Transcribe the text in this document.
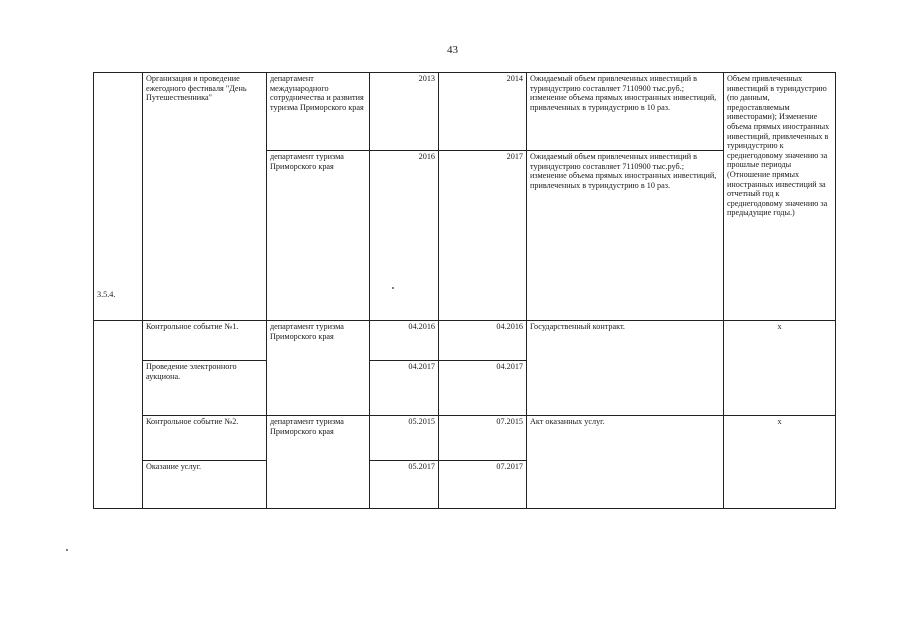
43
3.5.4.	Организация и проведение ежегодного фестиваля "День Путешественника"	департамент международного сотрудничества и развития туризма Приморского края	2013	2014	Ожидаемый объем привлеченных инвестиций в туриндустрию составляет 7110900 тыс.руб.; изменение объема прямых иностранных инвестиций, привлеченных в туриндустрию в 10 раз.	Объем привлеченных инвестиций в туриндустрию (по данным, предоставляемым инвесторами); Изменение объема прямых иностранных инвестиций, привлеченных в туриндустрию к среднегодовому значению за прошлые периоды (Отношение прямых иностранных инвестиций за отчетный год к среднегодовому значению за предыдущие годы.)
		департамент туризма Приморского края	2016	2017	Ожидаемый объем привлеченных инвестиций в туриндустрию составляет 7110900 тыс.руб.; изменение объема прямых иностранных инвестиций, привлеченных в туриндустрию в 10 раз.	
	Контрольное событие №1.	департамент туризма Приморского края	04.2016	04.2016	Государственный контракт.	x
	Проведение электронного аукциона.		04.2017	04.2017		
	Контрольное событие №2.	департамент туризма Приморского края	05.2015	07.2015	Акт оказанных услуг.	x
	Оказание услуг.		05.2017	07.2017		
